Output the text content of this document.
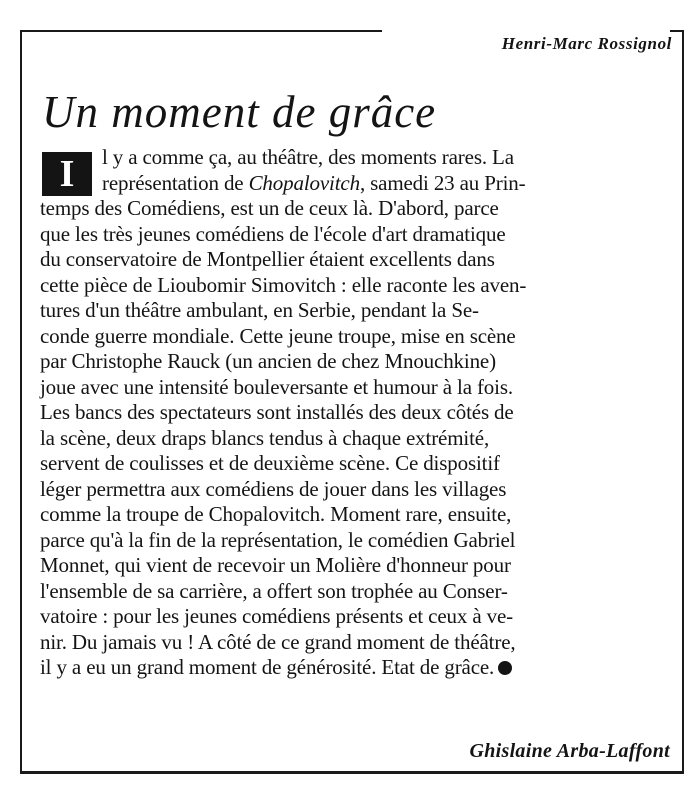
Henri-Marc Rossignol
Un moment de grâce
I	l y a comme ça, au théâtre, des moments rares. La
représentation de Chopalovitch, samedi 23 au Prin-
temps des Comédiens, est un de ceux là. D'abord, parce
que les très jeunes comédiens de l'école d'art dramatique
du conservatoire de Montpellier étaient excellents dans
cette pièce de Lioubomir Simovitch : elle raconte les aven-
tures d'un théâtre ambulant, en Serbie, pendant la Se-
conde guerre mondiale. Cette jeune troupe, mise en scène
par Christophe Rauck (un ancien de chez Mnouchkine)
joue avec une intensité bouleversante et humour à la fois.
Les bancs des spectateurs sont installés des deux côtés de
la scène, deux draps blancs tendus à chaque extrémité,
servent de coulisses et de deuxième scène. Ce dispositif
léger permettra aux comédiens de jouer dans les villages
comme la troupe de Chopalovitch. Moment rare, ensuite,
parce qu'à la fin de la représentation, le comédien Gabriel
Monnet, qui vient de recevoir un Molière d'honneur pour
l'ensemble de sa carrière, a offert son trophée au Conser-
vatoire : pour les jeunes comédiens présents et ceux à ve-
nir. Du jamais vu ! A côté de ce grand moment de théâtre,
il y a eu un grand moment de générosité. Etat de grâce.
Ghislaine Arba-Laffont
